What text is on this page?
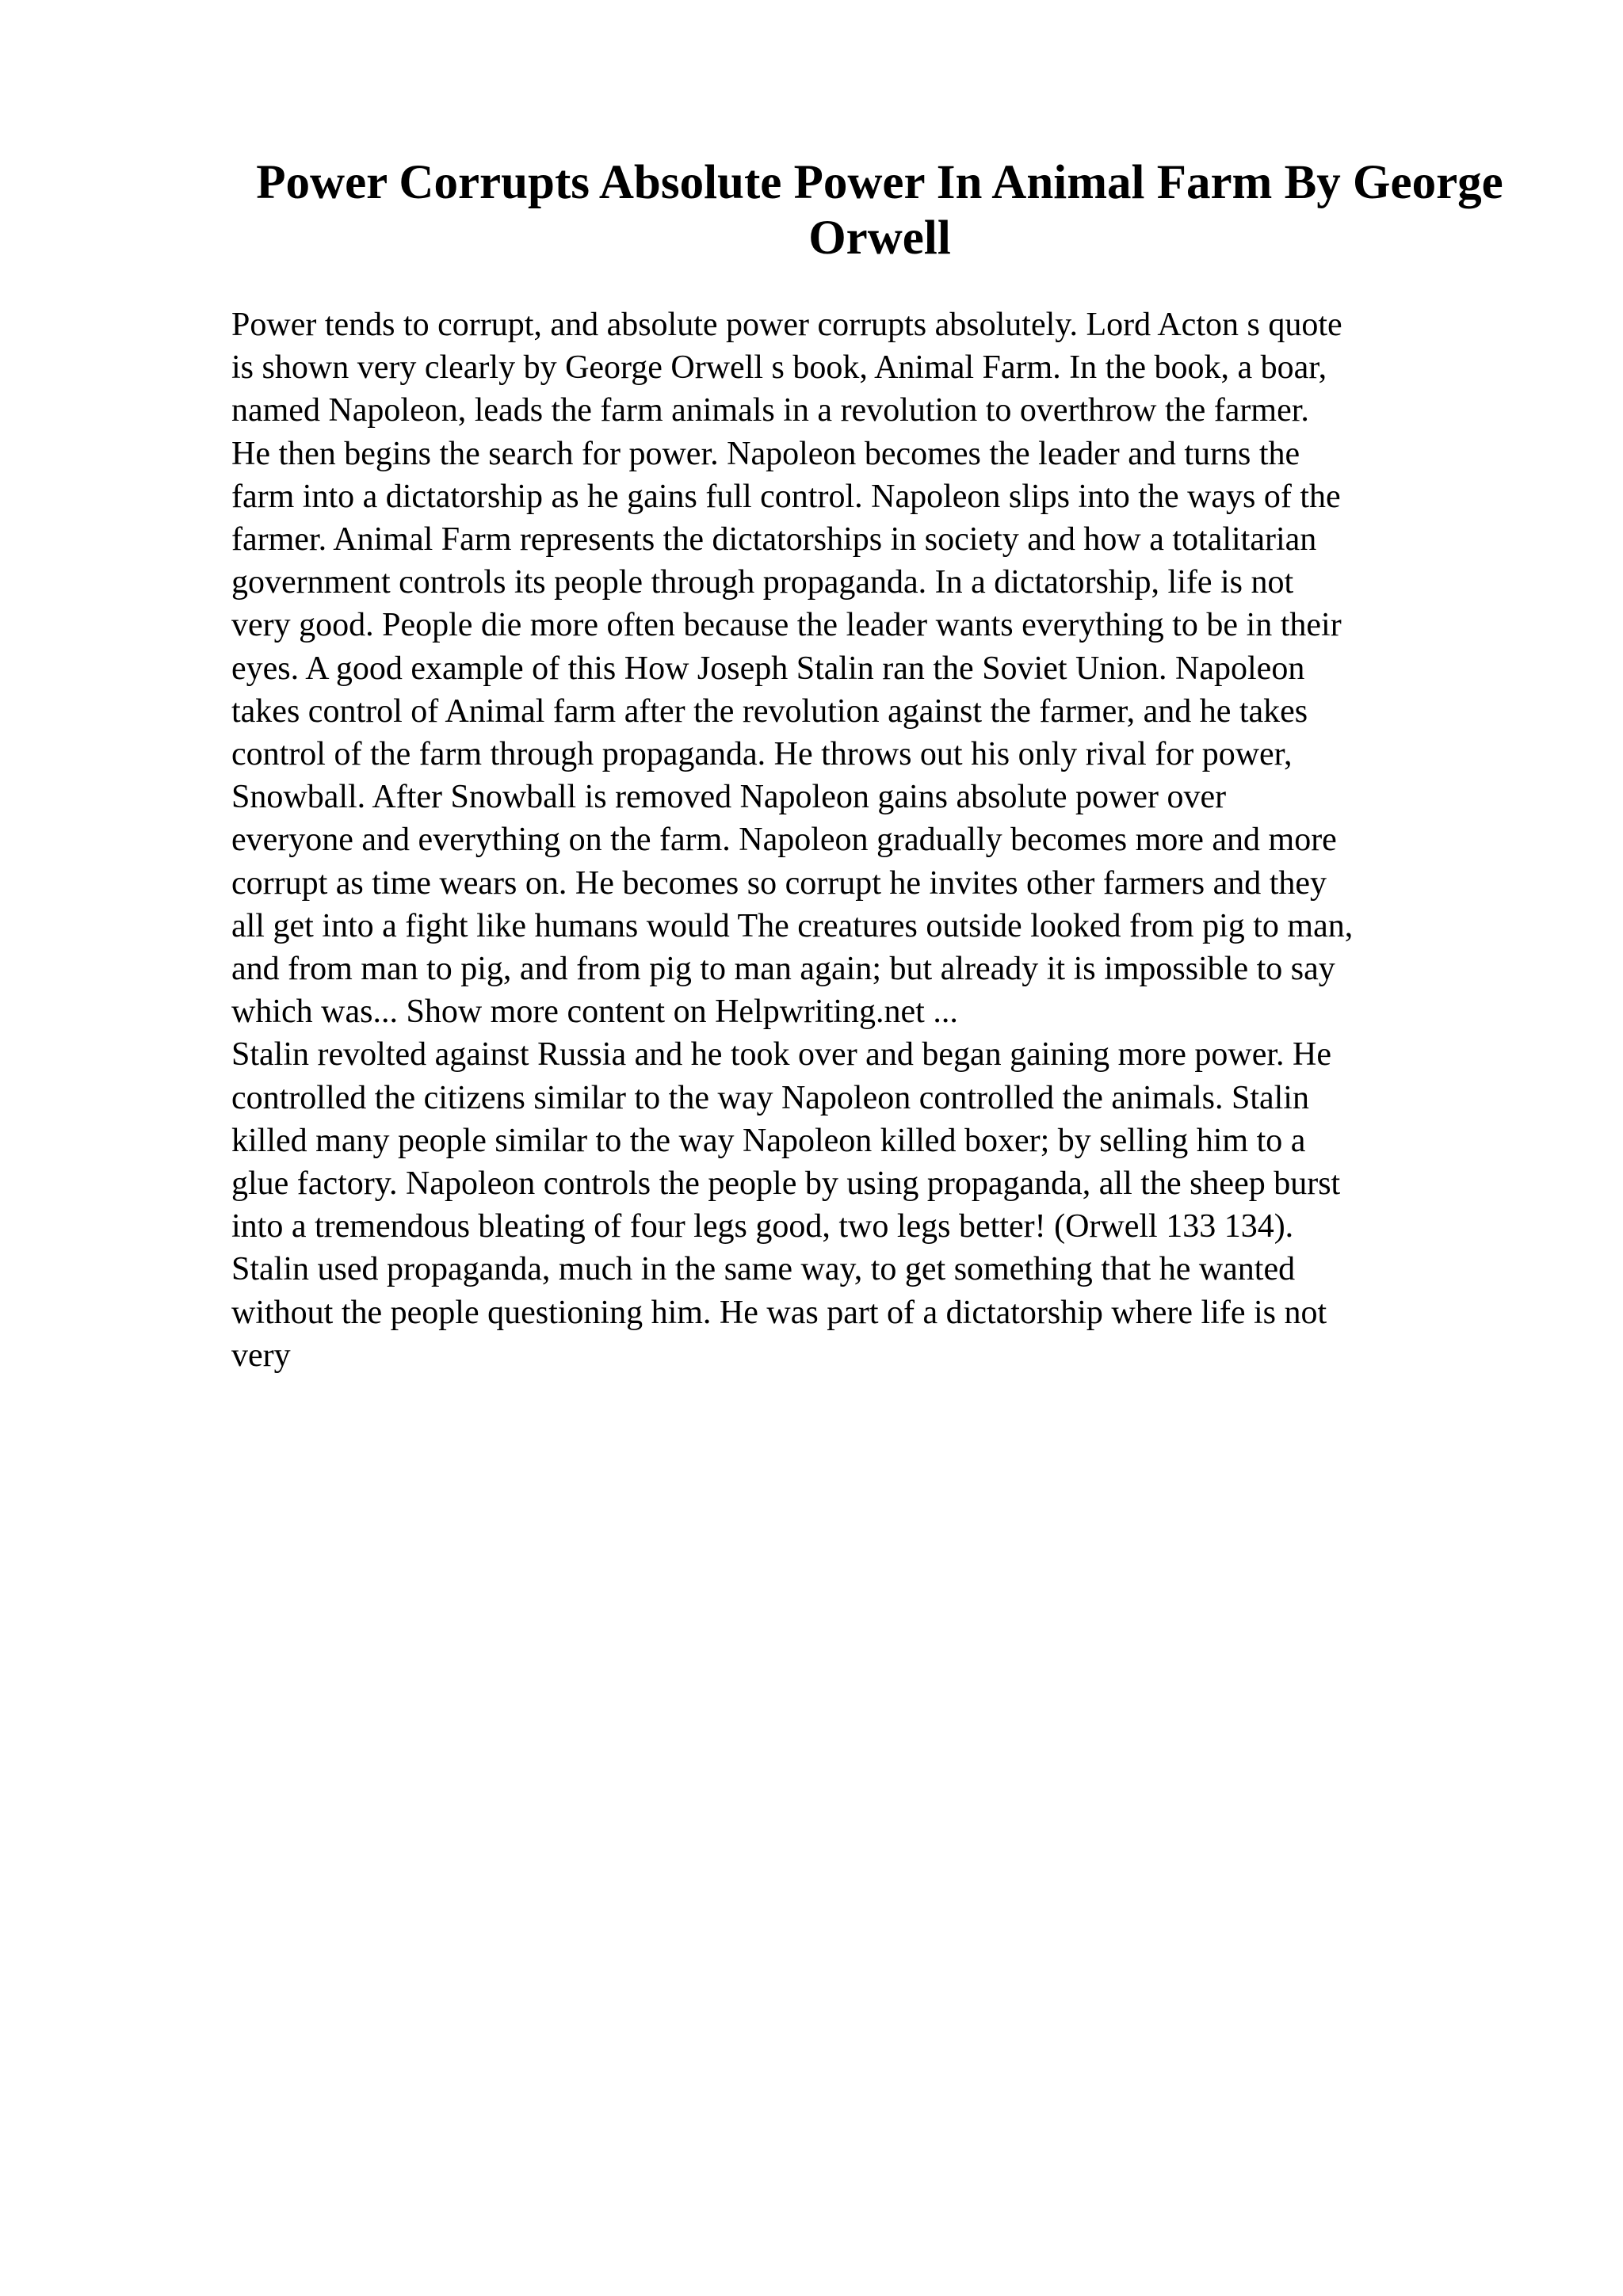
Power Corrupts Absolute Power In Animal Farm By George Orwell
Power tends to corrupt, and absolute power corrupts absolutely. Lord Acton s quote
is shown very clearly by George Orwell s book, Animal Farm. In the book, a boar,
named Napoleon, leads the farm animals in a revolution to overthrow the farmer.
He then begins the search for power. Napoleon becomes the leader and turns the
farm into a dictatorship as he gains full control. Napoleon slips into the ways of the
farmer. Animal Farm represents the dictatorships in society and how a totalitarian
government controls its people through propaganda. In a dictatorship, life is not
very good. People die more often because the leader wants everything to be in their
eyes. A good example of this How Joseph Stalin ran the Soviet Union. Napoleon
takes control of Animal farm after the revolution against the farmer, and he takes
control of the farm through propaganda. He throws out his only rival for power,
Snowball. After Snowball is removed Napoleon gains absolute power over
everyone and everything on the farm. Napoleon gradually becomes more and more
corrupt as time wears on. He becomes so corrupt he invites other farmers and they
all get into a fight like humans would The creatures outside looked from pig to man,
and from man to pig, and from pig to man again; but already it is impossible to say
which was... Show more content on Helpwriting.net ...
Stalin revolted against Russia and he took over and began gaining more power. He
controlled the citizens similar to the way Napoleon controlled the animals. Stalin
killed many people similar to the way Napoleon killed boxer; by selling him to a
glue factory. Napoleon controls the people by using propaganda, all the sheep burst
into a tremendous bleating of four legs good, two legs better! (Orwell 133 134).
Stalin used propaganda, much in the same way, to get something that he wanted
without the people questioning him. He was part of a dictatorship where life is not
very
